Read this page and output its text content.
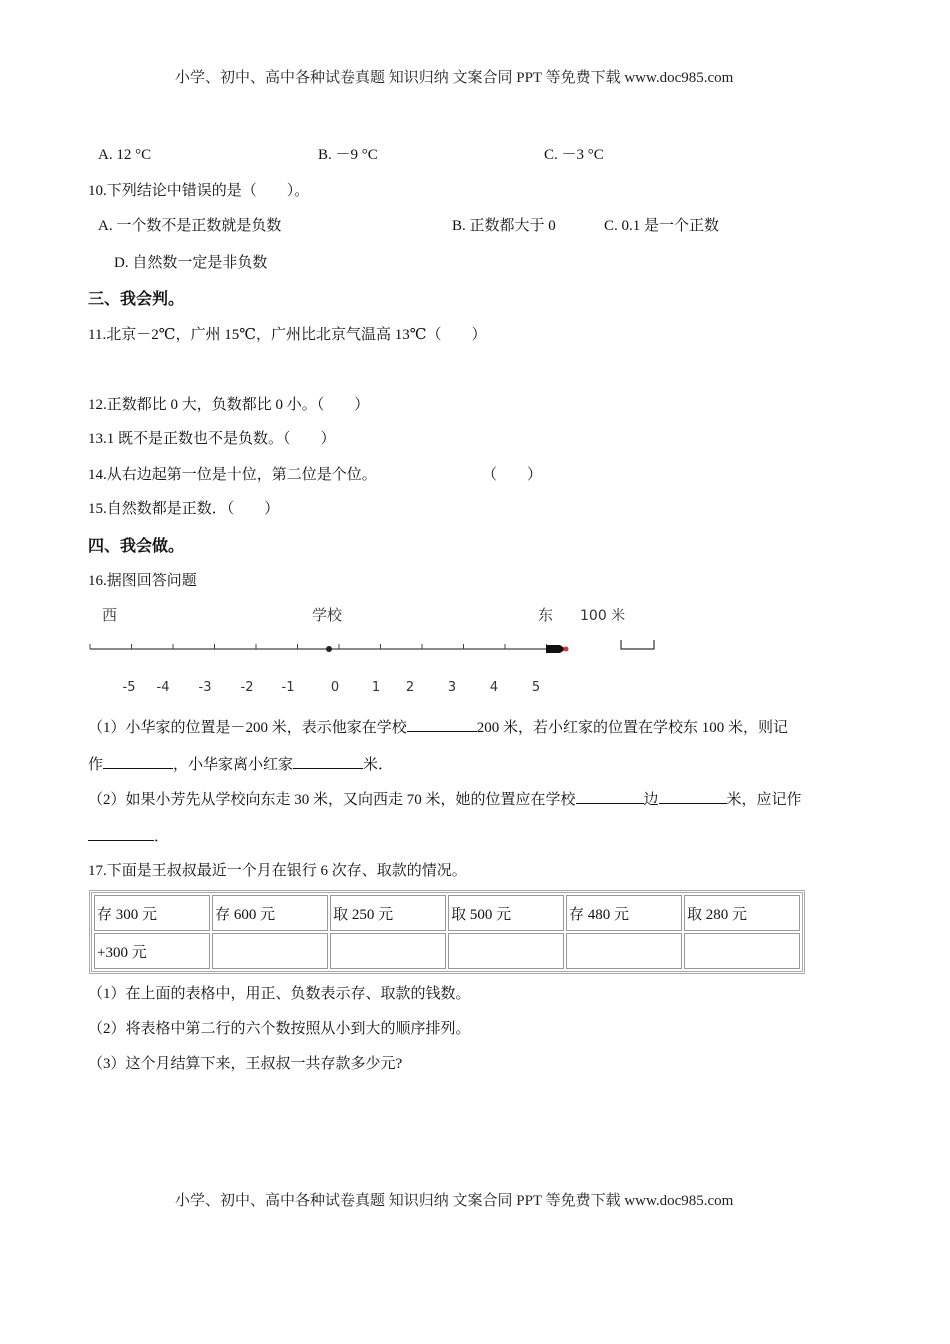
小学、初中、高中各种试卷真题 知识归纳 文案合同 PPT 等免费下载 www.doc985.com
A. 12 °C	B. －9 °C	C. －3 °C
10.下列结论中错误的是（　　）。
A. 一个数不是正数就是负数	B. 正数都大于 0	C. 0.1 是一个正数
D. 自然数一定是非负数
三、我会判。
11.北京－2℃，广州 15℃，广州比北京气温高 13℃（　　）
12.正数都比 0 大，负数都比 0 小。（　　）
13.1 既不是正数也不是负数。（　　）
14.从右边起第一位是十位，第二位是个位。	（　　）
15.自然数都是正数．（　　）
四、我会做。
16.据图回答问题
西	学校	东 100 米
-5 -4 -3 -2 -1	0	1 2	3	4	5
（1）小华家的位置是－200 米，表示他家在学校	200 米，若小红家的位置在学校东 100 米，则记
作	，小华家离小红家	米．
（2）如果小芳先从学校向东走 30 米，又向西走 70 米，她的位置应在学校	边	米，应记作
．
17.下面是王叔叔最近一个月在银行 6 次存、取款的情况。
存 300 元	存 600 元	取 250 元	取 500 元	存 480 元	取 280 元
+300 元					
（1）在上面的表格中，用正、负数表示存、取款的钱数。
（2）将表格中第二行的六个数按照从小到大的顺序排列。
（3）这个月结算下来，王叔叔一共存款多少元?
小学、初中、高中各种试卷真题 知识归纳 文案合同 PPT 等免费下载 www.doc985.com
